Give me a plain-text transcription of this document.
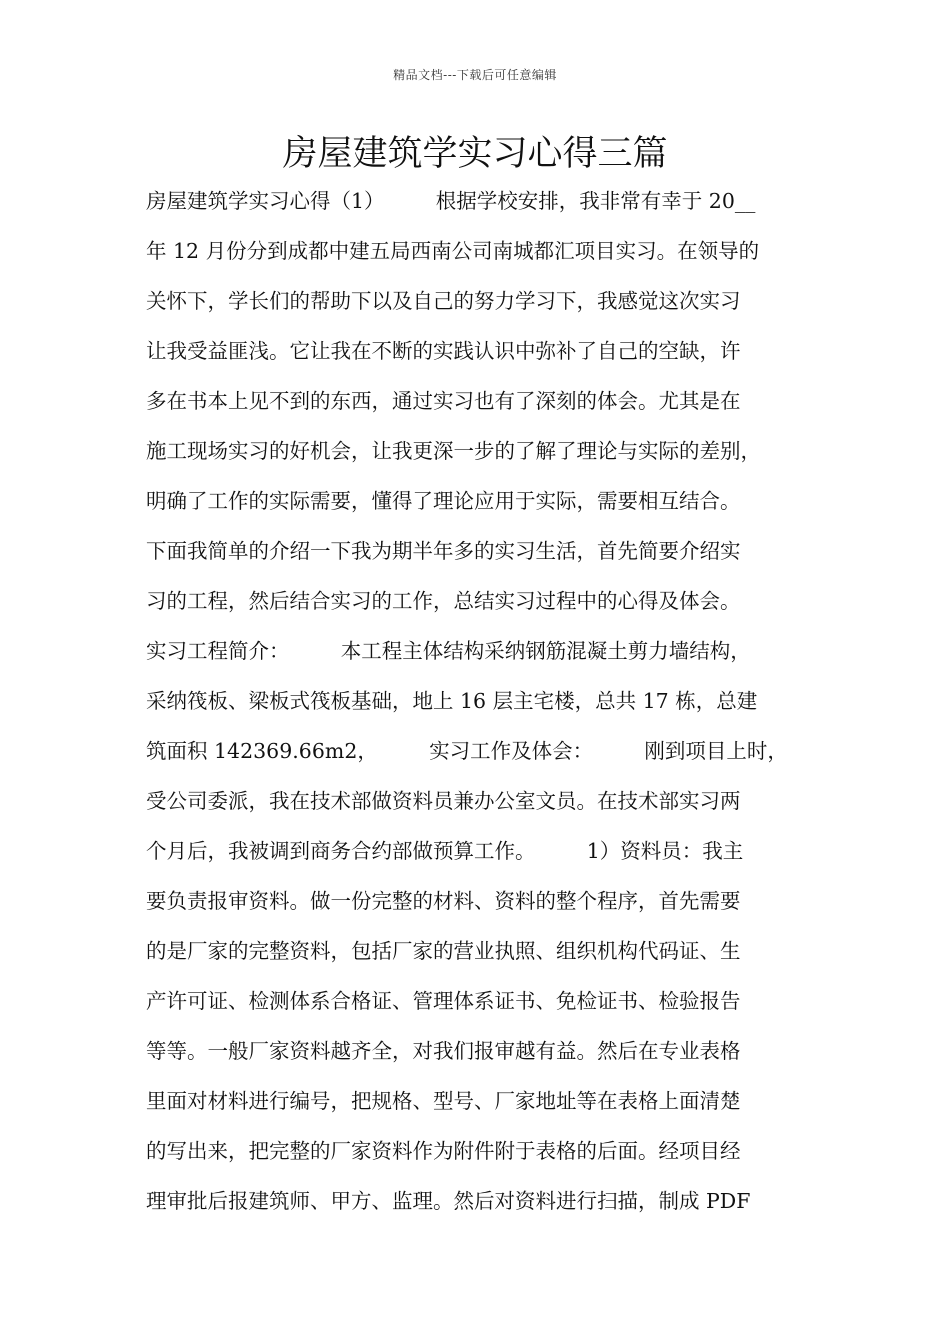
精品文档---下载后可任意编辑
房屋建筑学实习心得三篇
房屋建筑学实习心得（1）　　　根据学校安排，我非常有幸于 20__
年 12 月份分到成都中建五局西南公司南城都汇项目实习。在领导的
关怀下，学长们的帮助下以及自己的努力学习下，我感觉这次实习
让我受益匪浅。它让我在不断的实践认识中弥补了自己的空缺，许
多在书本上见不到的东西，通过实习也有了深刻的体会。尤其是在
施工现场实习的好机会，让我更深一步的了解了理论与实际的差别，
明确了工作的实际需要，懂得了理论应用于实际，需要相互结合。
下面我简单的介绍一下我为期半年多的实习生活，首先简要介绍实
习的工程，然后结合实习的工作，总结实习过程中的心得及体会。
实习工程简介：　　　本工程主体结构采纳钢筋混凝土剪力墙结构，
采纳筏板、梁板式筏板基础，地上 16 层主宅楼，总共 17 栋，总建
筑面积 142369.66m2，　　　实习工作及体会：　　　刚到项目上时，
受公司委派，我在技术部做资料员兼办公室文员。在技术部实习两
个月后，我被调到商务合约部做预算工作。　　　1）资料员：我主
要负责报审资料。做一份完整的材料、资料的整个程序，首先需要
的是厂家的完整资料，包括厂家的营业执照、组织机构代码证、生
产许可证、检测体系合格证、管理体系证书、免检证书、检验报告
等等。一般厂家资料越齐全，对我们报审越有益。然后在专业表格
里面对材料进行编号，把规格、型号、厂家地址等在表格上面清楚
的写出来，把完整的厂家资料作为附件附于表格的后面。经项目经
理审批后报建筑师、甲方、监理。然后对资料进行扫描，制成 PDF
